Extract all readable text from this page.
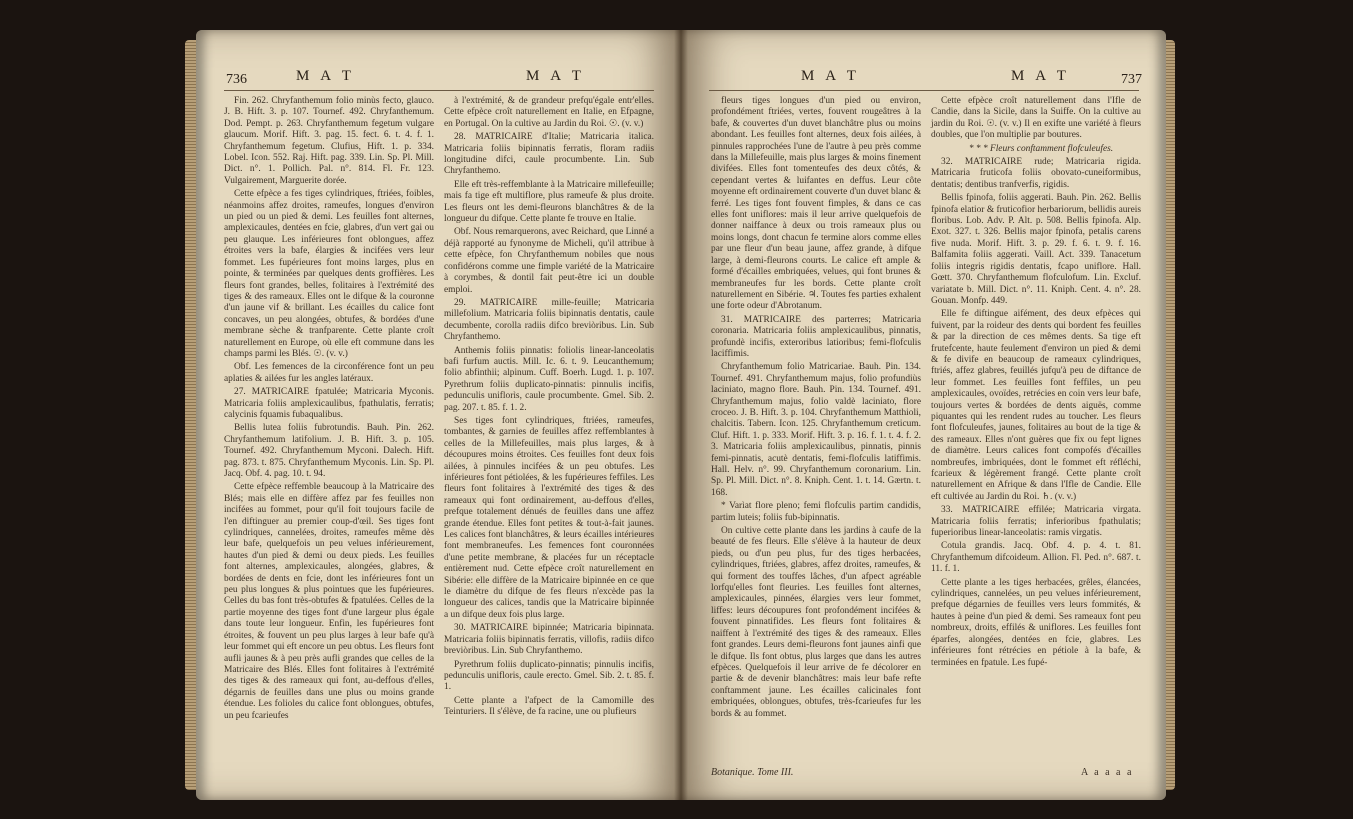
736	M A T	M A T

Fin. 262. Chryfanthemum folio minùs fecto, glauco. J. B. Hift. 3. p. 107. Tournef. 492. Chryfanthemum. Dod. Pempt. p. 263. Chryfanthemum fegetum vulgare glaucum. Morif. Hift. 3. pag. 15. fect. 6. t. 4. f. 1. Chryfanthemum fegetum. Clufius, Hift. 1. p. 334. Lobel. Icon. 552. Raj. Hift. pag. 339. Lin. Sp. Pl. Mill. Dict. n°. 1. Pollich. Pal. n°. 814. Fl. Fr. 123. Vulgairement, Marguerite dorée.

Cette efpèce a fes tiges cylindriques, ftriées, foibles, néanmoins affez droites, rameufes, longues d'environ un pied ou un pied & demi. Les feuilles font alternes, amplexicaules, dentées en fcie, glabres, d'un vert gai ou peu glauque. Les inférieures font oblongues, affez étroites vers la bafe, élargies & incifées vers leur fommet. Les fupérieures font moins larges, plus en pointe, & terminées par quelques dents groffières. Les fleurs font grandes, belles, folitaires à l'extrémité des tiges & des rameaux. Elles ont le difque & la couronne d'un jaune vif & brillant. Les écailles du calice font concaves, un peu alongées, obtufes, & bordées d'une membrane sèche & tranfparente. Cette plante croît naturellement en Europe, où elle eft commune dans les champs parmi les Blés. ☉. (v. v.)

Obf. Les femences de la circonférence font un peu aplaties & ailées fur les angles latéraux.

27. MATRICAIRE fpatulée; Matricaria Myconis. Matricaria foliis amplexicaulibus, fpathulatis, ferratis; calycinis fquamis fubaqualibus.

Bellis lutea foliis fubrotundis. Bauh. Pin. 262. Chryfanthemum latifolium. J. B. Hift. 3. p. 105. Tournef. 492. Chryfanthemum Myconi. Dalech. Hift. pag. 873. t. 875. Chryfanthemum Myconis. Lin. Sp. Pl. Jacq. Obf. 4. pag. 10. t. 94.

Cette efpèce reffemble beaucoup à la Matricaire des Blés; mais elle en diffère affez par fes feuilles non incifées au fommet, pour qu'il foit toujours facile de l'en diftinguer au premier coup-d'œil. Ses tiges font cylindriques, cannelées, droites, rameufes même dès leur bafe, quelquefois un peu velues inférieurement, hautes d'un pied & demi ou deux pieds. Les feuilles font alternes, amplexicaules, alongées, glabres, & bordées de dents en fcie, dont les inférieures font un peu plus longues & plus pointues que les fupérieures. Celles du bas font très-obtufes & fpatulées. Celles de la partie moyenne des tiges font d'une largeur plus égale dans toute leur longueur. Enfin, les fupérieures font étroites, & fouvent un peu plus larges à leur bafe qu'à leur fommet qui eft encore un peu obtus. Les fleurs font aufli jaunes & à peu près aufli grandes que celles de la Matricaire des Blés. Elles font folitaires à l'extrémité des tiges & des rameaux qui font, au-deffous d'elles, dégarnis de feuilles dans une plus ou moins grande étendue. Les folioles du calice font oblongues, obtufes, un peu fcarieufes

à l'extrémité, & de grandeur prefqu'égale entr'elles. Cette efpèce croît naturellement en Italie, en Efpagne, en Portugal. On la cultive au Jardin du Roi. ☉. (v. v.)

28. MATRICAIRE d'Italie; Matricaria italica. Matricaria foliis bipinnatis ferratis, floram radiis longitudine difci, caule procumbente. Lin. Sub Chryfanthemo.

Elle eft très-reffemblante à la Matricaire millefeuille; mais fa tige eft multiflore, plus rameufe & plus droite. Les fleurs ont les demi-fleurons blanchâtres & de la longueur du difque. Cette plante fe trouve en Italie.

Obf. Nous remarquerons, avec Reichard, que Linné a déjà rapporté au fynonyme de Micheli, qu'il attribue à cette efpèce, fon Chryfanthemum nobiles que nous confidérons comme une fimple variété de la Matricaire à corymbes, & dontil fait peut-être ici un double emploi.

29. MATRICAIRE mille-feuille; Matricaria millefolium. Matricaria foliis bipinnatis dentatis, caule decumbente, corolla radiis difco breviòribus. Lin. Sub Chryfanthemo.

Anthemis foliis pinnatis: foliolis linear-lanceolatis bafi furfum auctis. Mill. Ic. 6. t. 9. Leucanthemum; folio abfinthii; alpinum. Cuff. Boerh. Lugd. 1. p. 107. Pyrethrum foliis duplicato-pinnatis: pinnulis incifis, pedunculis uniflorìs, caule procumbente. Gmel. Sib. 2. pag. 207. t. 85. f. 1. 2.

Ses tiges font cylindriques, ftriées, rameufes, tombantes, & garnies de feuilles affez reffemblantes à celles de la Millefeuilles, mais plus larges, & à découpures moins étroites. Ces feuilles font deux fois ailées, à pinnules incifées & un peu obtufes. Les inférieures font pétiolées, & les fupérieures feffiles. Les fleurs font folitaires à l'extrémité des tiges & des rameaux qui font ordinairement, au-deffous d'elles, prefque totalement dénués de feuilles dans une affez grande étendue. Elles font petites & tout-à-fait jaunes. Les calices font blanchâtres, & leurs écailles intérieures font membraneufes. Les femences font couronnées d'une petite membrane, & placées fur un réceptacle entièrement nud. Cette efpèce croît naturellement en Sibérie: elle diffère de la Matricaire bipinnée en ce que le diamètre du difque de fes fleurs n'excède pas la longueur des calices, tandis que la Matricaire bipinnée a un difque deux fois plus large.

30. MATRICAIRE bipinnée; Matricaria bipinnata. Matricaria foliis bipinnatis ferratis, villofis, radiis difco breviòribus. Lin. Sub Chryfanthemo.

Pyrethrum foliis duplicato-pinnatis; pinnulis incifis, pedunculis unifloris, caule erecto. Gmel. Sib. 2. t. 85. f. 1.

Cette plante a l'afpect de la Camomille des Teinturiers. Il s'élève, de fa racine, une ou plufieurs

M A T	M A T	737

fleurs tiges longues d'un pied ou environ, profondément ftriées, vertes, fouvent rougeâtres à la bafe, & couvertes d'un duvet blanchâtre plus ou moins abondant. Les feuilles font alternes, deux fois ailées, à pinnules rapprochées l'une de l'autre à peu près comme dans la Millefeuille, mais plus larges & moins finement divifées. Elles font tomenteufes des deux côtés, & cependant vertes & luifantes en deffus. Leur côte moyenne eft ordinairement couverte d'un duvet blanc & ferré. Les tiges font fouvent fimples, & dans ce cas elles font uniflores: mais il leur arrive quelquefois de donner naiffance à deux ou trois rameaux plus ou moins longs, dont chacun fe termine alors comme elles par une fleur d'un beau jaune, affez grande, à difque large, à demi-fleurons courts. Le calice eft ample & formé d'écailles embriquées, velues, qui font brunes & membraneufes fur les bords. Cette plante croît naturellement en Sibérie. ♃. Toutes fes parties exhalent une forte odeur d'Abrotanum.

31. MATRICAIRE des parterres; Matricaria coronaria. Matricaria foliis amplexicaulibus, pinnatis, profundè incifis, exteroribus latioribus; femi-flofculis laciffimis.

Chryfanthemum folio Matricariae. Bauh. Pin. 134. Tournef. 491. Chryfanthemum majus, folio profundiùs laciniato, magno flore. Bauh. Pin. 134. Tournef. 491. Chryfanthemum majus, folio valdè laciniato, flore croceo. J. B. Hift. 3. p. 104. Chryfanthemum Matthioli, chalcitis. Tabern. Icon. 125. Chryfanthemum creticum. Cluf. Hift. 1. p. 333. Morif. Hift. 3. p. 16. f. 1. t. 4. f. 2. 3. Matricaria foliis amplexicaulibus, pinnatis, pinnis femi-pinnatis, acutè dentatis, femi-flofculis latiffimis. Hall. Helv. n°. 99. Chryfanthemum coronarium. Lin. Sp. Pl. Mill. Dict. n°. 8. Kniph. Cent. 1. t. 14. Gærtn. t. 168.

* Varìat flore pleno; femi flofculis partim candidis, partim luteis; foliis fub-bipinnatis.

On cultive cette plante dans les jardins à caufe de la beauté de fes fleurs. Elle s'élève à la hauteur de deux pieds, ou d'un peu plus, fur des tiges herbacées, cylindriques, ftriées, glabres, affez droites, rameufes, & qui forment des touffes lâches, d'un afpect agréable lorfqu'elles font fleuries. Les feuilles font alternes, amplexicaules, pinnées, élargies vers leur fommet, liffes: leurs découpures font profondément incifées & fouvent pinnatifides. Les fleurs font folitaires & naiffent à l'extrémité des tiges & des rameaux. Elles font grandes. Leurs demi-fleurons font jaunes ainfi que le difque. Ils font obtus, plus larges que dans les autres efpèces. Quelquefois il leur arrive de fe décolorer en partie & de devenir blanchâtres: mais leur bafe refte conftamment jaune. Les écailles calicinales font embriquées, oblongues, obtufes, très-fcarieufes fur les bords & au fommet.

Cette efpèce croît naturellement dans l'Ifle de Candie, dans la Sicile, dans la Suiffe. On la cultive au jardin du Roi. ☉. (v. v.) Il en exifte une variété à fleurs doubles, que l'on multiplie par boutures.

* * * Fleurs conftamment flofculeufes.

32. MATRICAIRE rude; Matricaria rigida. Matricaria fruticofa foliis obovato-cuneiformibus, dentatis; dentibus tranfverfis, rigidis.

Bellis fpinofa, foliis aggerati. Bauh. Pin. 262. Bellis fpinofa elatior & fruticofior herbariorum, bellidis aureis floribus. Lob. Adv. P. Alt. p. 508. Bellis fpinofa. Alp. Exot. 327. t. 326. Bellis major fpinofa, petalis carens five nuda. Morif. Hift. 3. p. 29. f. 6. t. 9. f. 16. Balfamita foliis aggerati. Vaill. Act. 339. Tanacetum foliis integris rigidis dentatis, fcapo uniflore. Hall. Gœtt. 370. Chryfanthemum flofculofum. Lin. Excluf. variatate b. Mill. Dict. n°. 11. Kniph. Cent. 4. n°. 28. Gouan. Monfp. 449.

Elle fe diftingue aifément, des deux efpèces qui fuivent, par la roideur des dents qui bordent fes feuilles & par la direction de ces mêmes dents. Sa tige eft frutefcente, haute feulement d'environ un pied & demi & fe divife en beaucoup de rameaux cylindriques, ftriés, affez glabres, feuillés jufqu'à peu de diftance de leur fommet. Les feuilles font feffiles, un peu amplexicaules, ovoïdes, retrécies en coin vers leur bafe, toujours vertes & bordées de dents aiguës, comme piquantes qui les rendent rudes au toucher. Les fleurs font flofculeufes, jaunes, folitaires au bout de la tige & des rameaux. Elles n'ont guères que fix ou fept lignes de diamètre. Leurs calices font compofés d'écailles nombreufes, imbriquées, dont le fommet eft réfléchi, fcarieux & légèrement frangé. Cette plante croît naturellement en Afrique & dans l'Ifle de Candie. Elle eft cultivée au Jardin du Roi. ♄. (v. v.)

33. MATRICAIRE effilée; Matricaria virgata. Matricaria foliis ferratis; inferioribus fpathulatis; fuperioribus linear-lanceolatis: ramis virgatis.

Cotula grandis. Jacq. Obf. 4. p. 4. t. 81. Chryfanthemum difcoideum. Allion. Fl. Ped. n°. 687. t. 11. f. 1.

Cette plante a les tiges herbacées, grêles, élancées, cylindriques, cannelées, un peu velues inférieurement, prefque dégarnies de feuilles vers leurs fommités, & hautes à peine d'un pied & demi. Ses rameaux font peu nombreux, droits, effilés & uniflores. Les feuilles font éparfes, alongées, dentées en fcie, glabres. Les inférieures font rétrécies en pétiole à la bafe, & terminées en fpatule. Les fupé-

Botanique. Tome III.	A a a a a
